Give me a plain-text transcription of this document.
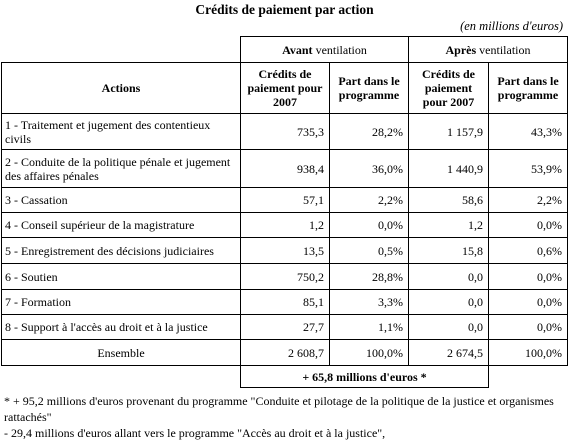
Crédits de paiement par action
(en millions d'euros)
	Avant ventilation		Après ventilation	
Actions	Crédits de paiement pour 2007	Part dans le programme	Crédits de paiement pour 2007	Part dans le programme
1 - Traitement et jugement des contentieux civils	735,3	28,2%	1 157,9	43,3%
2 - Conduite de la politique pénale et jugement des affaires pénales	938,4	36,0%	1 440,9	53,9%
3 - Cassation	57,1	2,2%	58,6	2,2%
4 - Conseil supérieur de la magistrature	1,2	0,0%	1,2	0,0%
5 - Enregistrement des décisions judiciaires	13,5	0,5%	15,8	0,6%
6 - Soutien	750,2	28,8%	0,0	0,0%
7 - Formation	85,1	3,3%	0,0	0,0%
8 - Support à l'accès au droit et à la justice	27,7	1,1%	0,0	0,0%
Ensemble	2 608,7	100,0%	2 674,5	100,0%
	+ 65,8 millions d'euros *			
* + 95,2 millions d'euros provenant du programme "Conduite et pilotage de la politique de la justice et organismes rattachés"
- 29,4 millions d'euros allant vers le programme "Accès au droit et à la justice",
